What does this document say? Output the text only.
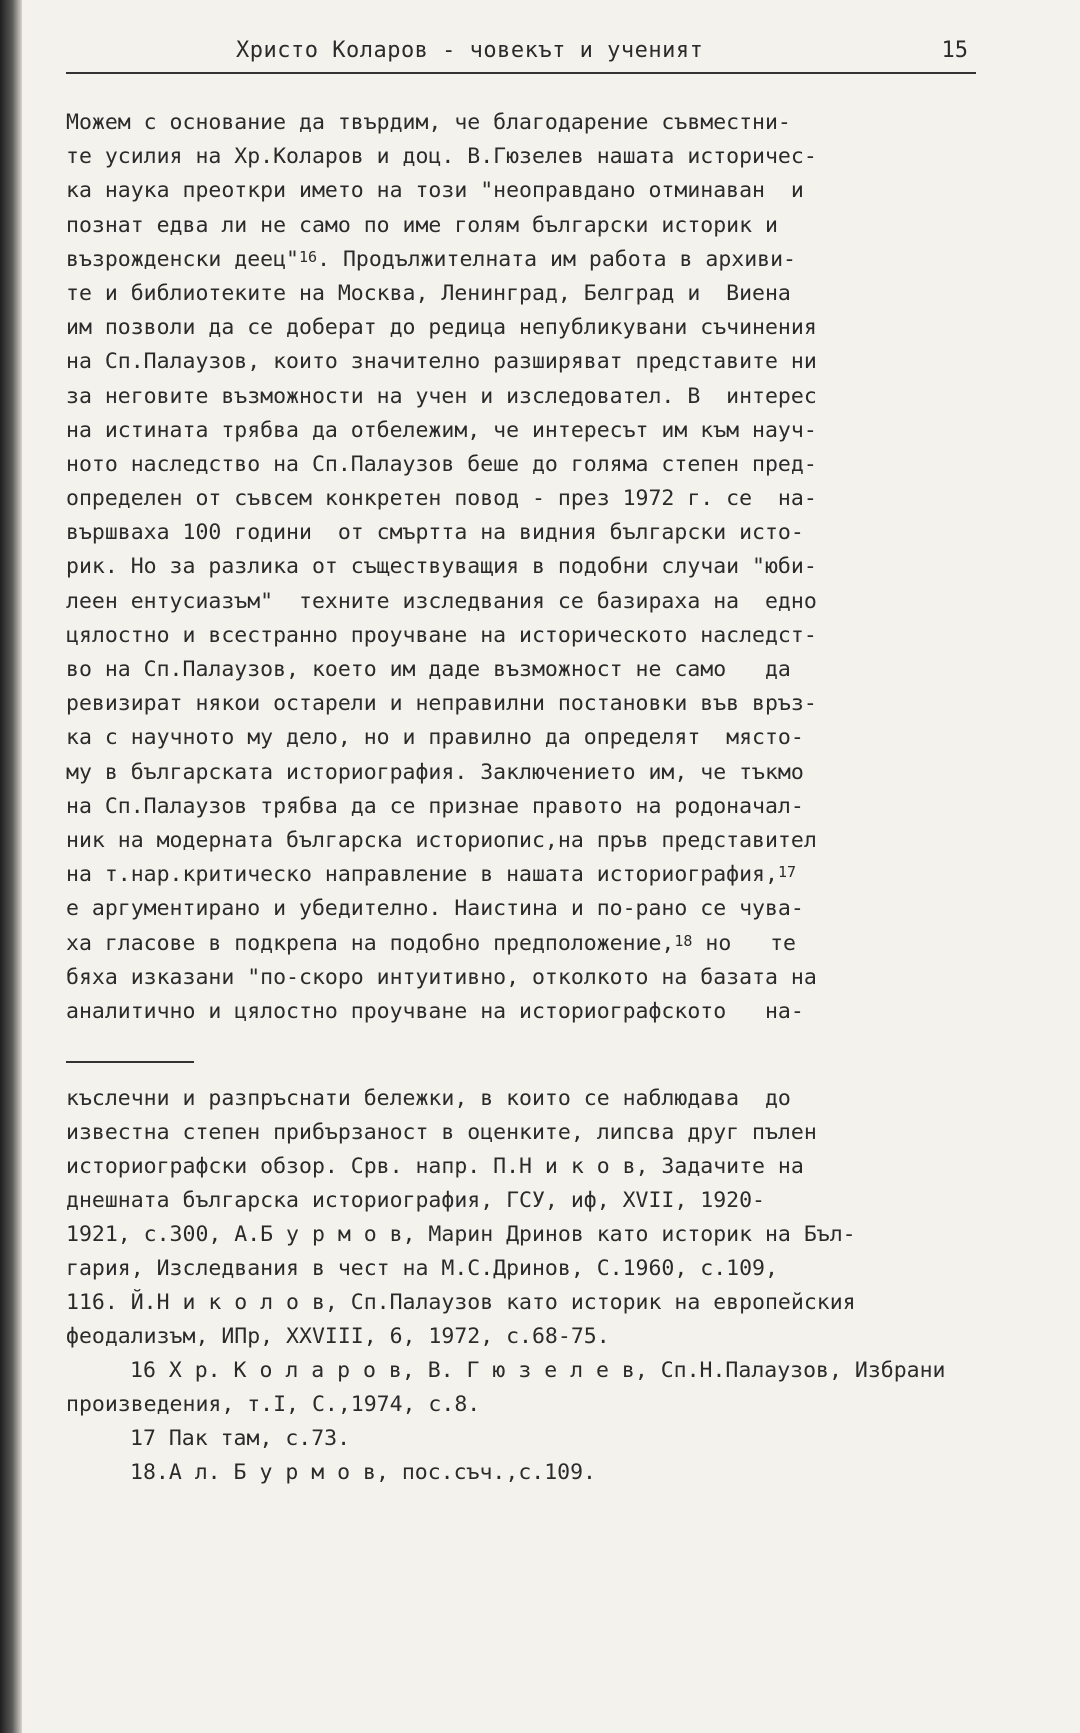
Христо Коларов - човекът и ученият	15
Можем с основание да твърдим, че благодарение съвместни-
те усилия на Хр.Коларов и доц. В.Гюзелев нашата историчес-
ка наука преоткри името на този "неоправдано отминаван  и
познат едва ли не само по име голям български историк и
възрожденски деец"$^{16}$. Продължителната им работа в архиви-
те и библиотеките на Москва, Ленинград, Белград и  Виена
им позволи да се доберат до редица непубликувани съчинения
на Сп.Палаузов, които значително разширяват представите ни
за неговите възможности на учен и изследовател. В  интерес
на истината трябва да отбележим, че интересът им към науч-
ното наследство на Сп.Палаузов беше до голяма степен пред-
определен от съвсем конкретен повод - през 1972 г. се  на-
вършваха 100 години  от смъртта на видния български исто-
рик. Но за разлика от съществуващия в подобни случаи "юби-
леен ентусиазъм"  техните изследвания се базираха на  едно
цялостно и всестранно проучване на историческото наследст-
во на Сп.Палаузов, което им даде възможност не само   да
ревизират някои остарели и неправилни постановки във връз-
ка с научното му дело, но и правилно да определят  място-
му в българската историография. Заключението им, че тъкмо
на Сп.Палаузов трябва да се признае правото на родоначал-
ник на модерната българска историопис,на пръв представител
на т.нар.критическо направление в нашата историография,$^{17}$
е аргументирано и убедително. Наистина и по-рано се чува-
ха гласове в подкрепа на подобно предположение,$^{18}$ но   те
бяха изказани "по-скоро интуитивно, отколкото на базата на
аналитично и цялостно проучване на историографското   на-
къслечни и разпръснати бележки, в които се наблюдава  до
известна степен прибързаност в оценките, липсва друг пълен
историографски обзор. Срв. напр. П.Н и к о в, Задачите на
днешната българска историография, ГСУ, иф, XVII, 1920-
1921, с.300, А.Б у р м о в, Марин Дринов като историк на Бъл-
гария, Изследвания в чест на М.С.Дринов, С.1960, с.109,
116. Й.Н и к о л о в, Сп.Палаузов като историк на европейския
феодализъм, ИПр, XXVIII, 6, 1972, с.68-75.
16 Х р. К о л а р о в, В. Г ю з е л е в, Сп.Н.Палаузов, Избрани
произведения, т.I, С.,1974, с.8.
17 Пак там, с.73.
18.А л. Б у р м о в, пос.съч.,с.109.
